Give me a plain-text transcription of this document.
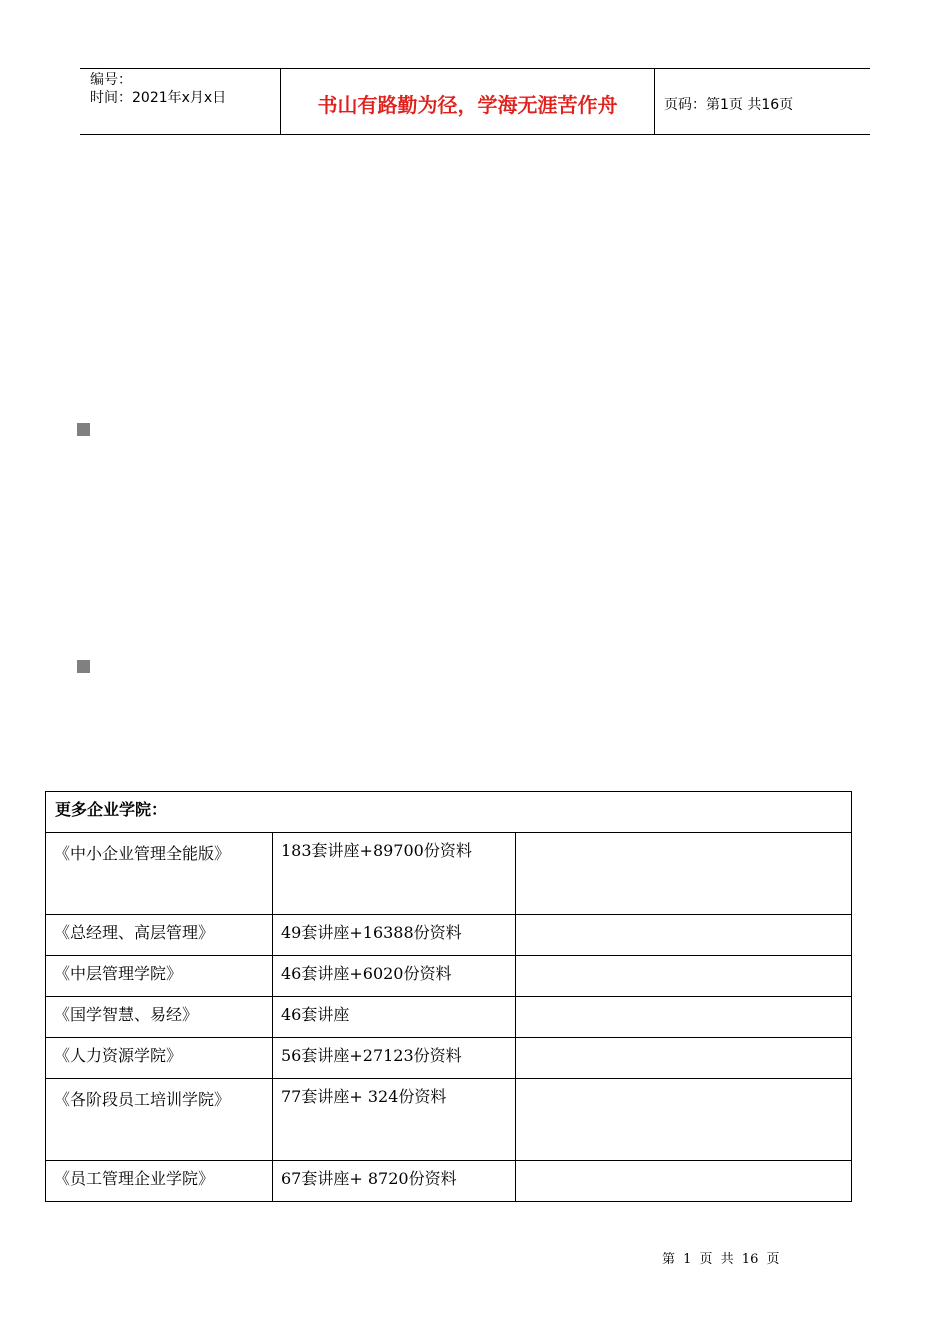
编号：
时间：2021年x月x日	书山有路勤为径，学海无涯苦作舟	页码：第1页 共16页
更多企业学院：		
《中小企业管理全能版》	183套讲座+89700份资料	
《总经理、高层管理》	49套讲座+16388份资料	
《中层管理学院》	46套讲座+6020份资料	
《国学智慧、易经》	46套讲座	
《人力资源学院》	56套讲座+27123份资料	
《各阶段员工培训学院》	77套讲座+ 324份资料	
《员工管理企业学院》	67套讲座+ 8720份资料	
第 1 页 共 16 页
